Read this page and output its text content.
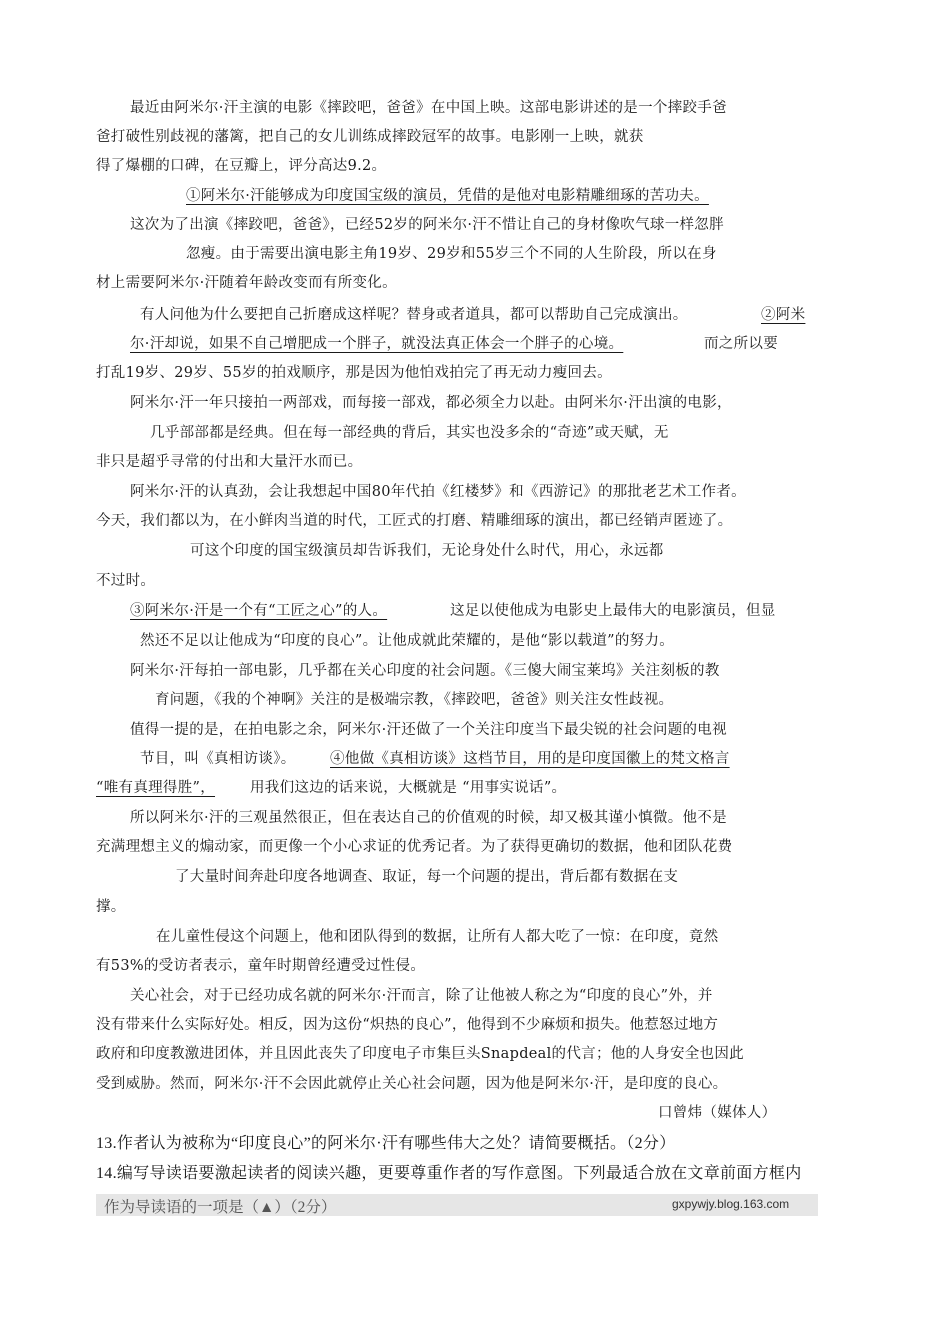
最近由阿米尔·汗主演的电影《摔跤吧，爸爸》在中国上映。这部电影讲述的是一个摔跤手爸
爸打破性别歧视的藩篱，把自己的女儿训练成摔跤冠军的故事。电影刚一上映，就获
得了爆棚的口碑，在豆瓣上，评分高达9.2。
①阿米尔·汗能够成为印度国宝级的演员，凭借的是他对电影精雕细琢的苦功夫。
这次为了出演《摔跤吧，爸爸》，已经52岁的阿米尔·汗不惜让自己的身材像吹气球一样忽胖
忽瘦。由于需要出演电影主角19岁、29岁和55岁三个不同的人生阶段，所以在身
材上需要阿米尔·汗随着年龄改变而有所变化。
有人问他为什么要把自己折磨成这样呢？替身或者道具，都可以帮助自己完成演出。	②阿米
尔·汗却说，如果不自己增肥成一个胖子，就没法真正体会一个胖子的心境。	而之所以要
打乱19岁、29岁、55岁的拍戏顺序，那是因为他怕戏拍完了再无动力瘦回去。
阿米尔·汗一年只接拍一两部戏，而每接一部戏，都必须全力以赴。由阿米尔·汗出演的电影，
几乎部部都是经典。但在每一部经典的背后，其实也没多余的“奇迹”或天赋，无
非只是超乎寻常的付出和大量汗水而已。
阿米尔·汗的认真劲，会让我想起中国80年代拍《红楼梦》和《西游记》的那批老艺术工作者。
今天，我们都以为，在小鲜肉当道的时代，工匠式的打磨、精雕细琢的演出，都已经销声匿迹了。
可这个印度的国宝级演员却告诉我们，无论身处什么时代，用心，永远都
不过时。
③阿米尔·汗是一个有“工匠之心”的人。	这足以使他成为电影史上最伟大的电影演员，但显
然还不足以让他成为“印度的良心”。让他成就此荣耀的，是他“影以载道”的努力。
阿米尔·汗每拍一部电影，几乎都在关心印度的社会问题。《三傻大闹宝莱坞》关注刻板的教
育问题，《我的个神啊》关注的是极端宗教，《摔跤吧，爸爸》则关注女性歧视。
值得一提的是，在拍电影之余，阿米尔·汗还做了一个关注印度当下最尖锐的社会问题的电视
节目，叫《真相访谈》。 ④他做《真相访谈》这档节目，用的是印度国徽上的梵文格言
“唯有真理得胜”， 用我们这边的话来说，大概就是 “用事实说话”。
所以阿米尔·汗的三观虽然很正，但在表达自己的价值观的时候，却又极其谨小慎微。他不是
充满理想主义的煽动家，而更像一个小心求证的优秀记者。为了获得更确切的数据，他和团队花费
了大量时间奔赴印度各地调查、取证，每一个问题的提出，背后都有数据在支
撑。
在儿童性侵这个问题上，他和团队得到的数据，让所有人都大吃了一惊：在印度，竟然
有53%的受访者表示，童年时期曾经遭受过性侵。
关心社会，对于已经功成名就的阿米尔·汗而言，除了让他被人称之为“印度的良心”外，并
没有带来什么实际好处。相反，因为这份“炽热的良心”，他得到不少麻烦和损失。他惹怒过地方
政府和印度教激进团体，并且因此丧失了印度电子市集巨头Snapdeal的代言；他的人身安全也因此
受到威胁。然而，阿米尔·汗不会因此就停止关心社会问题，因为他是阿米尔·汗，是印度的良心。
口曾炜（媒体人）
13.作者认为被称为“印度良心”的阿米尔·汗有哪些伟大之处？请简要概括。（2分）
14.编写导读语要激起读者的阅读兴趣，更要尊重作者的写作意图。下列最适合放在文章前面方框内
作为导读语的一项是（▲）（2分）	gxpywjy.blog.163.com
